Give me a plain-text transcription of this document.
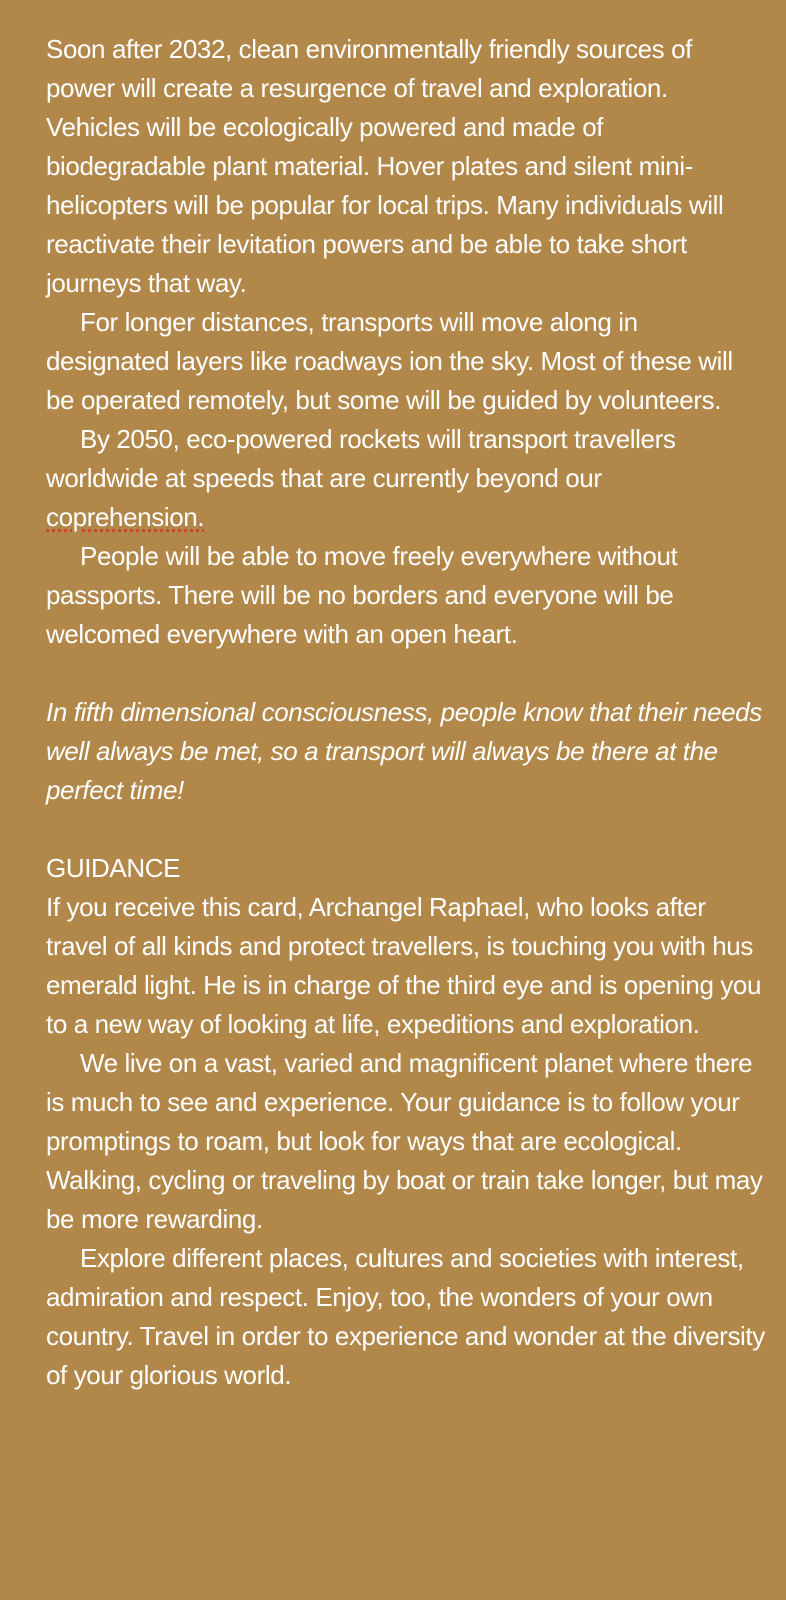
Soon after 2032, clean environmentally friendly sources of power will create a resurgence of travel and exploration. Vehicles will be ecologically powered and made of biodegradable plant material. Hover plates and silent mini-helicopters will be popular for local trips. Many individuals will reactivate their levitation powers and be able to take short journeys that way.

For longer distances, transports will move along in designated layers like roadways ion the sky. Most of these will be operated remotely, but some will be guided by volunteers.

By 2050, eco-powered rockets will transport travellers worldwide at speeds that are currently beyond our coprehension.

People will be able to move freely everywhere without passports. There will be no borders and everyone will be welcomed everywhere with an open heart.

In fifth dimensional consciousness, people know that their needs well always be met, so a transport will always be there at the perfect time!

GUIDANCE

If you receive this card, Archangel Raphael, who looks after travel of all kinds and protect travellers, is touching you with hus emerald light. He is in charge of the third eye and is opening you to a new way of looking at life, expeditions and exploration.

We live on a vast, varied and magnificent planet where there is much to see and experience. Your guidance is to follow your promptings to roam, but look for ways that are ecological. Walking, cycling or traveling by boat or train take longer, but may be more rewarding.

Explore different places, cultures and societies with interest, admiration and respect. Enjoy, too, the wonders of your own country. Travel in order to experience and wonder at the diversity of your glorious world.
